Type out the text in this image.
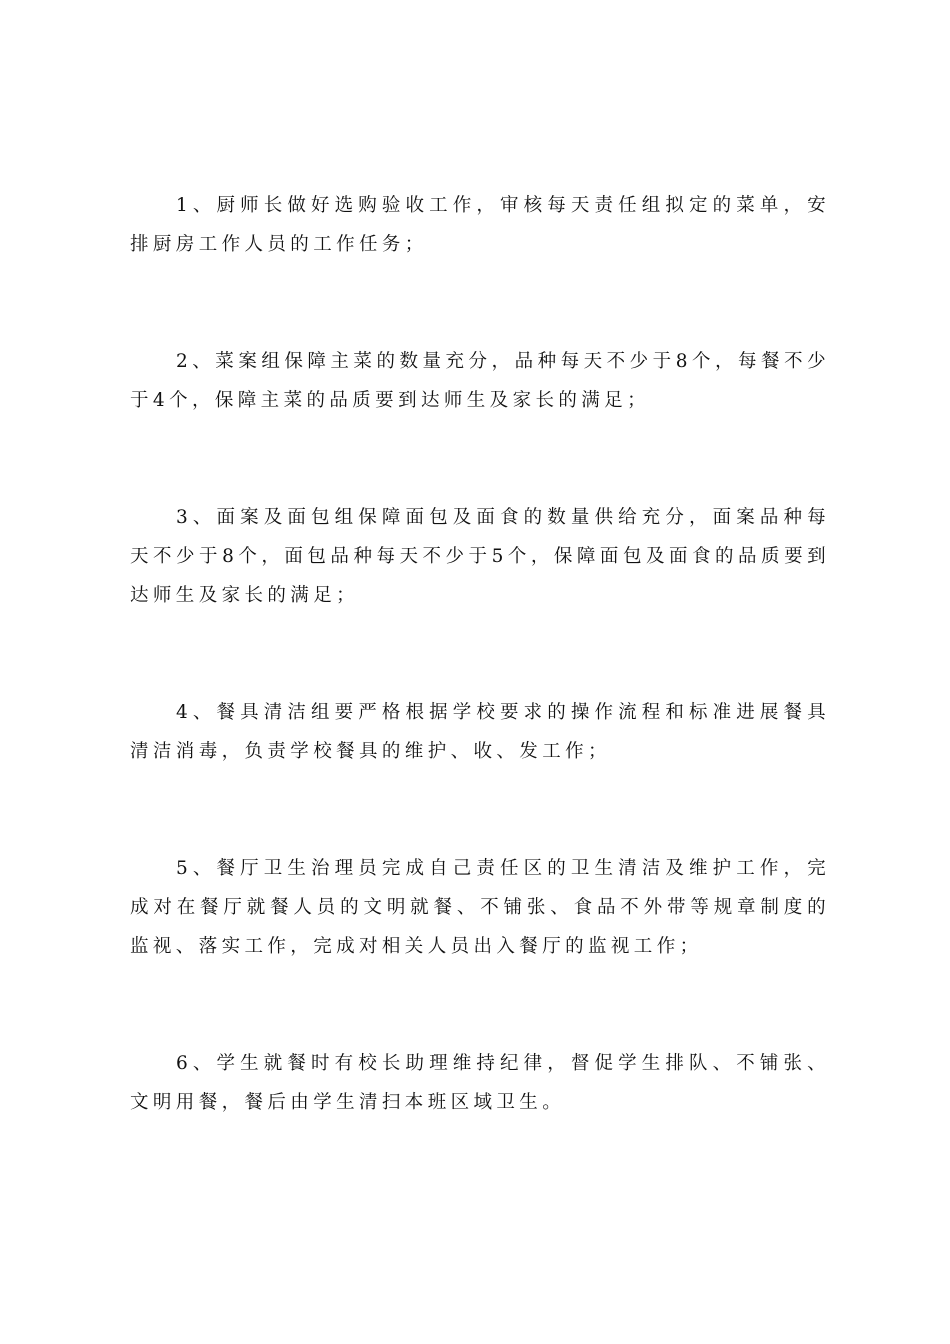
1、厨师长做好选购验收工作，审核每天责任组拟定的菜单，安排厨房工作人员的工作任务；

2、菜案组保障主菜的数量充分，品种每天不少于8个，每餐不少于4个，保障主菜的品质要到达师生及家长的满足；

3、面案及面包组保障面包及面食的数量供给充分，面案品种每天不少于8个，面包品种每天不少于5个，保障面包及面食的品质要到达师生及家长的满足；

4、餐具清洁组要严格根据学校要求的操作流程和标准进展餐具清洁消毒，负责学校餐具的维护、收、发工作；

5、餐厅卫生治理员完成自己责任区的卫生清洁及维护工作，完成对在餐厅就餐人员的文明就餐、不铺张、食品不外带等规章制度的监视、落实工作，完成对相关人员出入餐厅的监视工作；

6、学生就餐时有校长助理维持纪律，督促学生排队、不铺张、文明用餐，餐后由学生清扫本班区域卫生。
